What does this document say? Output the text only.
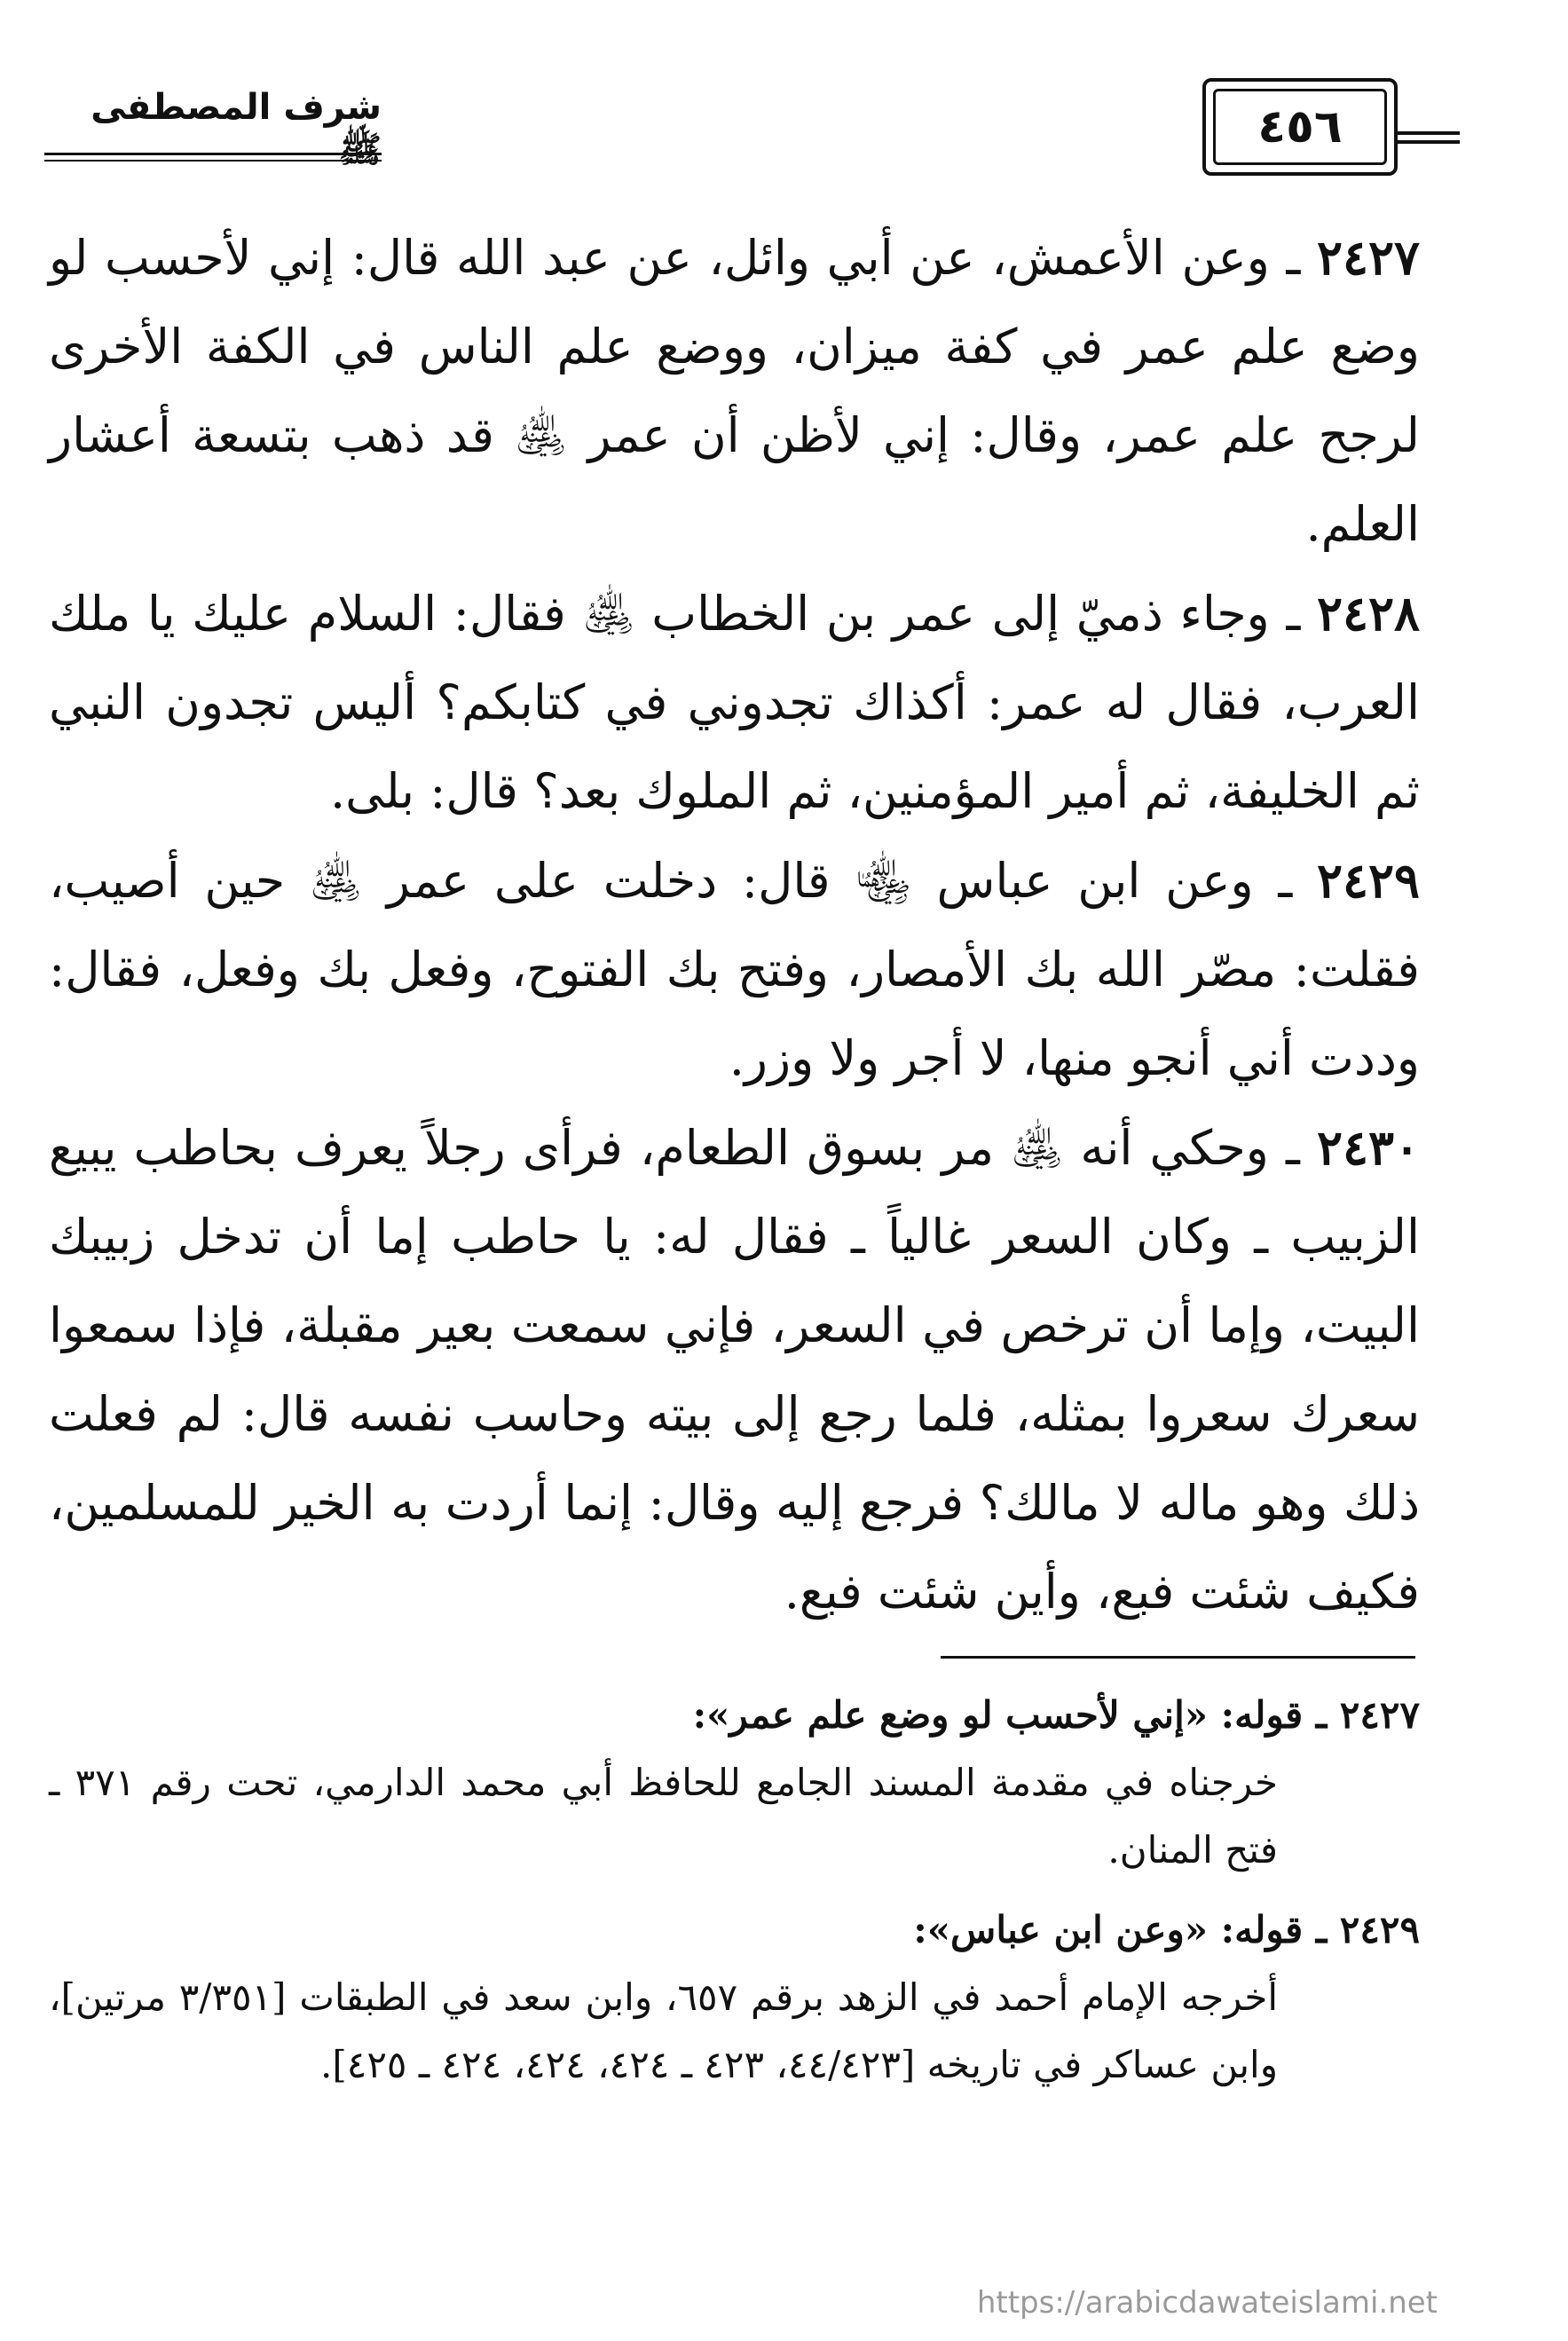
شرف المصطفى ﷺ	٤٥٦

٢٤٢٧ ـ وعن الأعمش، عن أبي وائل، عن عبد الله قال: إني لأحسب لو وضع علم عمر في كفة ميزان، ووضع علم الناس في الكفة الأخرى لرجح علم عمر، وقال: إني لأظن أن عمر ﵁ قد ذهب بتسعة أعشار العلم.

٢٤٢٨ ـ وجاء ذميّ إلى عمر بن الخطاب ﵁ فقال: السلام عليك يا ملك العرب، فقال له عمر: أكذاك تجدوني في كتابكم؟ أليس تجدون النبي ثم الخليفة، ثم أمير المؤمنين، ثم الملوك بعد؟ قال: بلى.

٢٤٢٩ ـ وعن ابن عباس ﵄ قال: دخلت على عمر ﵁ حين أصيب، فقلت: مصّر الله بك الأمصار، وفتح بك الفتوح، وفعل بك وفعل، فقال: وددت أني أنجو منها، لا أجر ولا وزر.

٢٤٣٠ ـ وحكي أنه ﵁ مر بسوق الطعام، فرأى رجلاً يعرف بحاطب يبيع الزبيب ـ وكان السعر غالياً ـ فقال له: يا حاطب إما أن تدخل زبيبك البيت، وإما أن ترخص في السعر، فإني سمعت بعير مقبلة، فإذا سمعوا سعرك سعروا بمثله، فلما رجع إلى بيته وحاسب نفسه قال: لم فعلت ذلك وهو ماله لا مالك؟ فرجع إليه وقال: إنما أردت به الخير للمسلمين، فكيف شئت فبع، وأين شئت فبع.

٢٤٢٧ ـ قوله: «إني لأحسب لو وضع علم عمر»:

خرجناه في مقدمة المسند الجامع للحافظ أبي محمد الدارمي، تحت رقم ٣٧١ ـ فتح المنان.

٢٤٢٩ ـ قوله: «وعن ابن عباس»:

أخرجه الإمام أحمد في الزهد برقم ٦٥٧، وابن سعد في الطبقات [٣/٣٥١ مرتين]، وابن عساكر في تاريخه [٤٤/٤٢٣، ٤٢٣ ـ ٤٢٤، ٤٢٤، ٤٢٤ ـ ٤٢٥].

https://arabicdawateislami.net
